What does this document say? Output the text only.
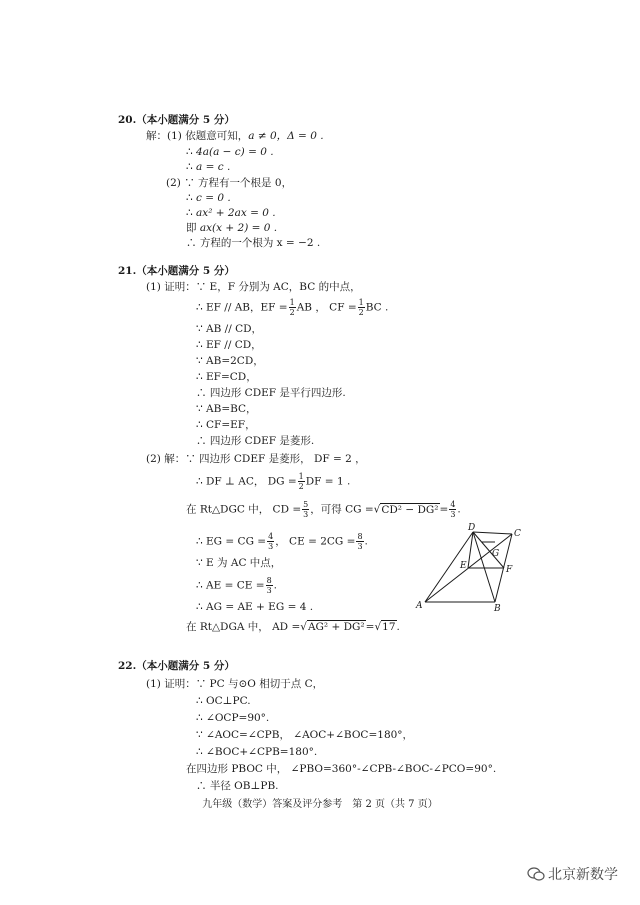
20.（本小题满分 5 分）
解：(1) 依题意可知，a ≠ 0，Δ = 0 .
∴ 4a(a − c) = 0 .
∴ a = c .
(2) ∵ 方程有一个根是 0，
∴ c = 0 .
∴ ax² + 2ax = 0 .
即 ax(x + 2) = 0 .
∴ 方程的一个根为 x = −2 .
21.（本小题满分 5 分）
(1) 证明：∵ E，F 分别为 AC，BC 的中点，
∴ EF // AB，EF = $\frac{1}{2}$ AB ， CF = $\frac{1}{2}$ BC .
∵ AB // CD，
∴ EF // CD，
∵ AB=2CD，
∴ EF=CD，
∴ 四边形 CDEF 是平行四边形.
∵ AB=BC，
∴ CF=EF，
∴ 四边形 CDEF 是菱形.
(2) 解：∵ 四边形 CDEF 是菱形， DF = 2 ，
∴ DF ⊥ AC， DG = $\frac{1}{2}$ DF = 1 .
在 Rt△DGC 中， CD = $\frac{5}{3}$ ，可得 CG $=√CD^2 - DG^2= \frac{4}{3}$ .
∴ EG = CG = $\frac{4}{3}$ ， CE = $2CG = \frac{8}{3}$ .
∵ E 为 AC 中点，
∴ AE = CE = $\frac{8}{3}$ .
∴ AG = AE + EG = 4 .
在 Rt△DGA 中， AD =√AG² + DG²=√17.
D
C
G
E	F
A	B
22.（本小题满分 5 分）
(1) 证明：∵ PC 与⊙O 相切于点 C，
∴ OC⊥PC.
∴ ∠OCP=90°.
∵ ∠AOC=∠CPB， ∠AOC+∠BOC=180°，
∴ ∠BOC+∠CPB=180°.
在四边形 PBOC 中， ∠PBO=360°-∠CPB-∠BOC-∠PCO=90°.
∴ 半径 OB⊥PB.
九年级（数学）答案及评分参考　第 2 页（共 7 页）
北京新数学
